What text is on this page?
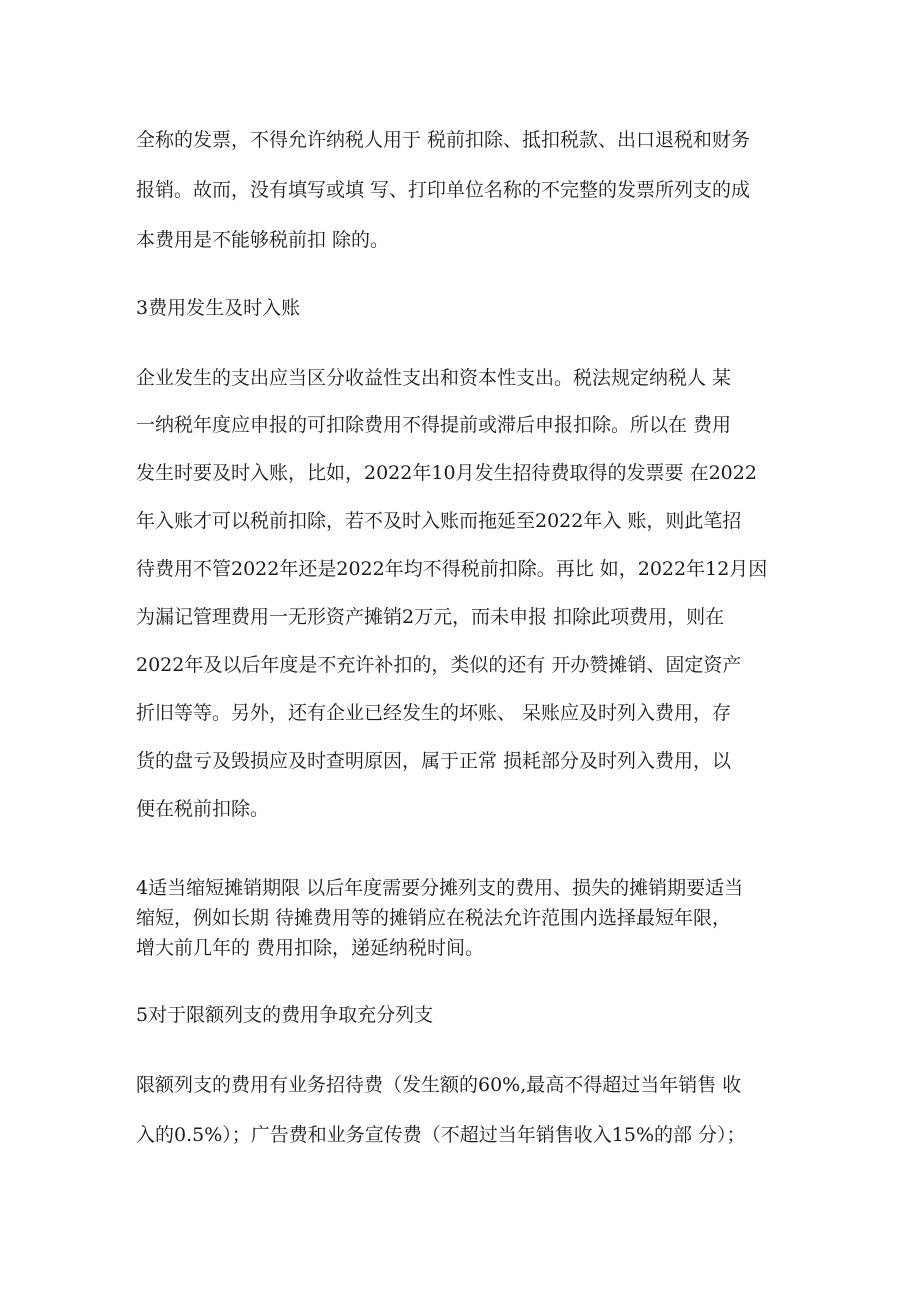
全称的发票，不得允许纳税人用于 税前扣除、抵扣税款、出口退税和财务

报销。故而，没有填写或填 写、打印单位名称的不完整的发票所列支的成

本费用是不能够税前扣 除的。

3费用发生及时入账

企业发生的支出应当区分收益性支出和资本性支出。税法规定纳税人 某

一纳税年度应申报的可扣除费用不得提前或滞后申报扣除。所以在 费用

发生时要及时入账，比如，2022年10月发生招待费取得的发票要 在2022

年入账才可以税前扣除，若不及时入账而拖延至2022年入 账，则此笔招

待费用不管2022年还是2022年均不得税前扣除。再比 如，2022年12月因

为漏记管理费用一无形资产摊销2万元，而未申报 扣除此项费用，则在

2022年及以后年度是不充许补扣的，类似的还有 开办赞摊销、固定资产

折旧等等。另外，还有企业已经发生的坏账、 呆账应及时列入费用，存

货的盘亏及毁损应及时查明原因，属于正常 损耗部分及时列入费用，以

便在税前扣除。

4适当缩短摊销期限 以后年度需要分摊列支的费用、损失的摊销期要适当

缩短，例如长期 待摊费用等的摊销应在税法允许范围内选择最短年限，

增大前几年的 费用扣除，递延纳税时间。

5对于限额列支的费用争取充分列支

限额列支的费用有业务招待费（发生额的60%,最高不得超过当年销售 收

入的0.5%）；广告费和业务宣传费（不超过当年销售收入15%的部 分）；
